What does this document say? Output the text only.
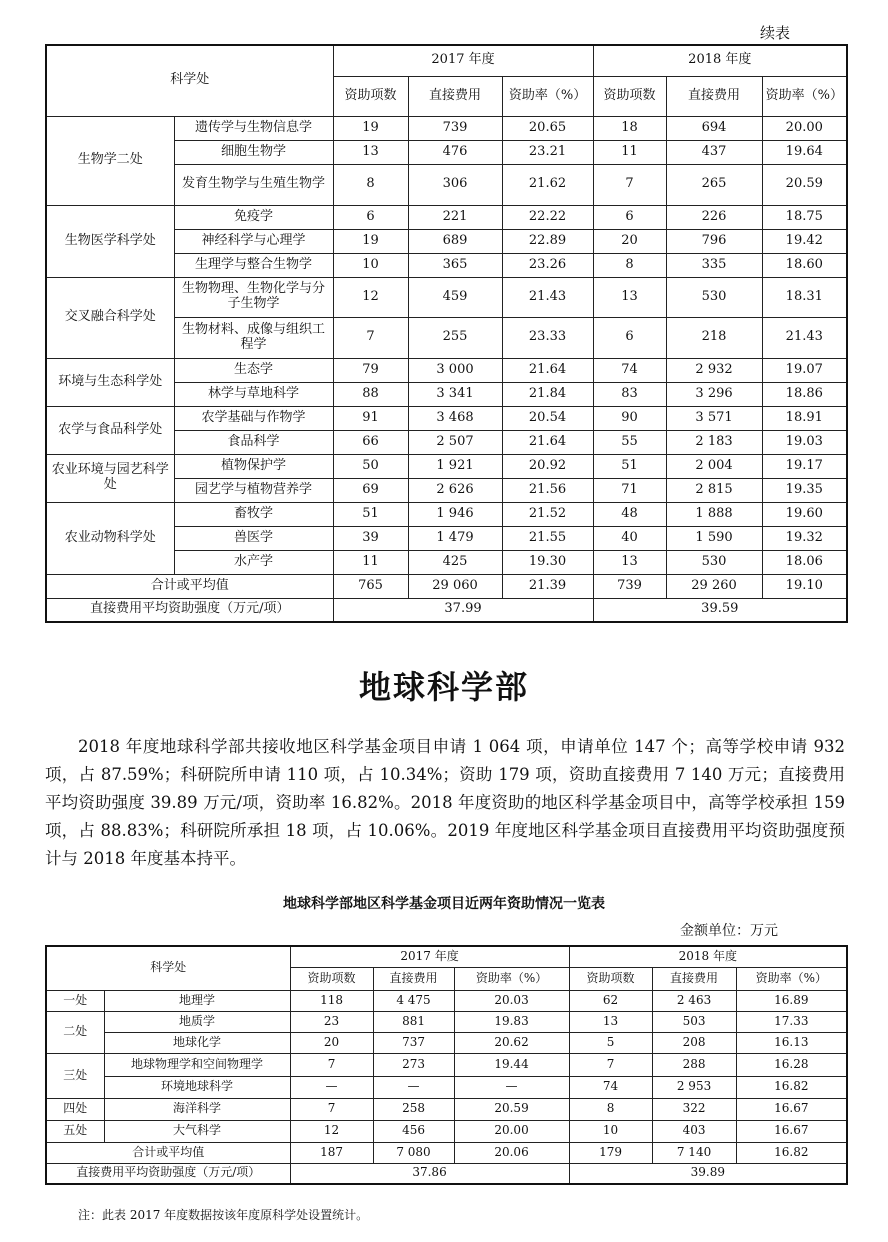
续表
科学处		2017 年度			2018 年度		
		资助项数	直接费用	资助率（%）	资助项数	直接费用	资助率（%）
生物学二处	遗传学与生物信息学	19	739	20.65	18	694	20.00
	细胞生物学	13	476	23.21	11	437	19.64
	发育生物学与生殖生物学	8	306	21.62	7	265	20.59
生物医学科学处	免疫学	6	221	22.22	6	226	18.75
	神经科学与心理学	19	689	22.89	20	796	19.42
	生理学与整合生物学	10	365	23.26	8	335	18.60
交叉融合科学处	生物物理、生物化学与分子生物学	12	459	21.43	13	530	18.31
	生物材料、成像与组织工程学	7	255	23.33	6	218	21.43
环境与生态科学处	生态学	79	3 000	21.64	74	2 932	19.07
	林学与草地科学	88	3 341	21.84	83	3 296	18.86
农学与食品科学处	农学基础与作物学	91	3 468	20.54	90	3 571	18.91
	食品科学	66	2 507	21.64	55	2 183	19.03
农业环境与园艺科学处	植物保护学	50	1 921	20.92	51	2 004	19.17
	园艺学与植物营养学	69	2 626	21.56	71	2 815	19.35
农业动物科学处	畜牧学	51	1 946	21.52	48	1 888	19.60
	兽医学	39	1 479	21.55	40	1 590	19.32
	水产学	11	425	19.30	13	530	18.06
合计或平均值		765	29 060	21.39	739	29 260	19.10
直接费用平均资助强度（万元/项）		37.99			39.59		
地球科学部

2018 年度地球科学部共接收地区科学基金项目申请 1 064 项，申请单位 147 个；高等学校申请 932 项，占 87.59%；科研院所申请 110 项，占 10.34%；资助 179 项，资助直接费用 7 140 万元；直接费用平均资助强度 39.89 万元/项，资助率 16.82%。2018 年度资助的地区科学基金项目中，高等学校承担 159 项，占 88.83%；科研院所承担 18 项，占 10.06%。2019 年度地区科学基金项目直接费用平均资助强度预计与 2018 年度基本持平。

地球科学部地区科学基金项目近两年资助情况一览表
金额单位：万元
科学处		2017 年度			2018 年度		
		资助项数	直接费用	资助率（%）	资助项数	直接费用	资助率（%）
一处	地理学	118	4 475	20.03	62	2 463	16.89
二处	地质学	23	881	19.83	13	503	17.33
	地球化学	20	737	20.62	5	208	16.13
三处	地球物理学和空间物理学	7	273	19.44	7	288	16.28
	环境地球科学	—	—	—	74	2 953	16.82
四处	海洋科学	7	258	20.59	8	322	16.67
五处	大气科学	12	456	20.00	10	403	16.67
合计或平均值		187	7 080	20.06	179	7 140	16.82
直接费用平均资助强度（万元/项）		37.86			39.89		
注：此表 2017 年度数据按该年度原科学处设置统计。
